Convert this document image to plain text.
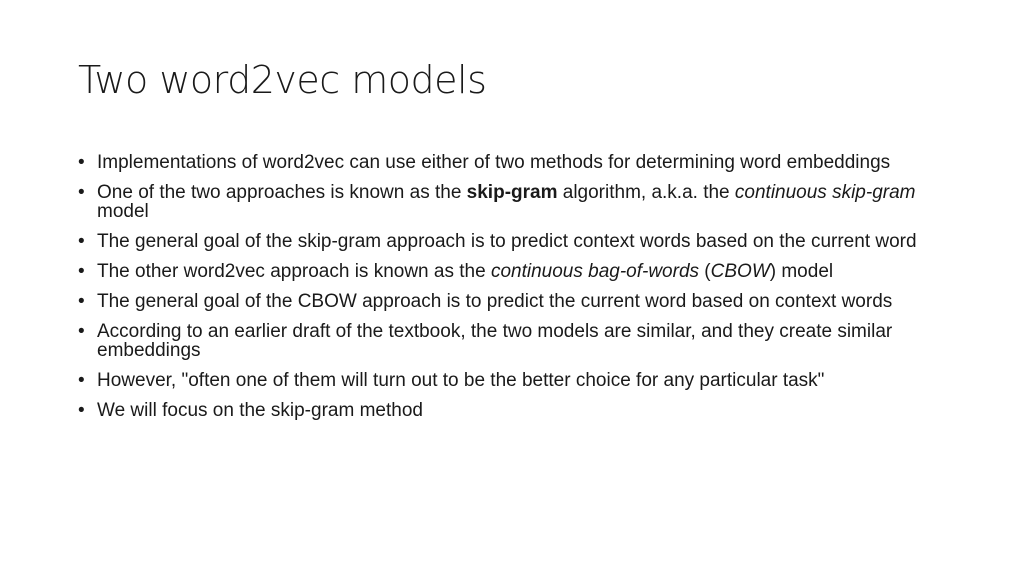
Two word2vec models
• Implementations of word2vec can use either of two methods for determining word embeddings
• One of the two approaches is known as the skip-gram algorithm, a.k.a. the continuous skip-gram model
• The general goal of the skip-gram approach is to predict context words based on the current word
• The other word2vec approach is known as the continuous bag-of-words (CBOW) model
• The general goal of the CBOW approach is to predict the current word based on context words
• According to an earlier draft of the textbook, the two models are similar, and they create similar embeddings
• However, "often one of them will turn out to be the better choice for any particular task"
• We will focus on the skip-gram method
